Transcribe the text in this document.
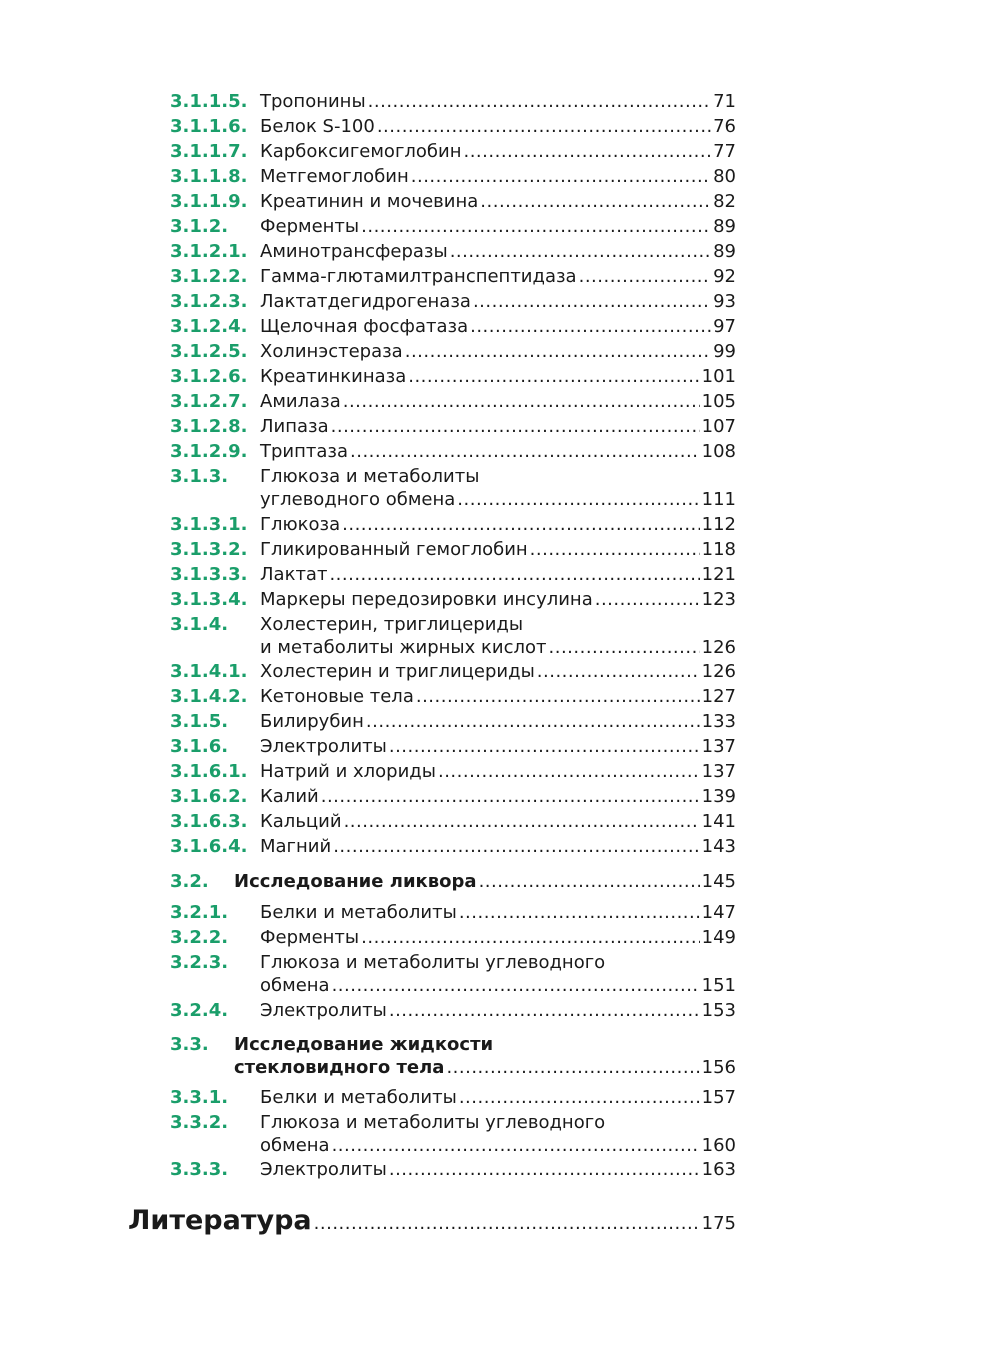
3.1.1.5. Тропонины .....	71
3.1.1.6. Белок S-100 .....	76
3.1.1.7. Карбоксигемоглобин .....	77
3.1.1.8. Метгемоглобин .....	80
3.1.1.9. Креатинин и мочевина .....	82
3.1.2. Ферменты .....	89
3.1.2.1. Аминотрансферазы .....	89
3.1.2.2. Гамма-глютамилтранспептидаза .....	92
3.1.2.3. Лактатдегидрогеназа .....	93
3.1.2.4. Щелочная фосфатаза .....	97
3.1.2.5. Холинэстераза .....	99
3.1.2.6. Креатинкиназа .....	101
3.1.2.7. Амилаза .....	105
3.1.2.8. Липаза .....	107
3.1.2.9. Триптаза .....	108
3.1.3. Глюкоза и метаболиты
углеводного обмена .....	111
3.1.3.1. Глюкоза .....	112
3.1.3.2. Гликированный гемоглобин .....	118
3.1.3.3. Лактат .....	121
3.1.3.4. Маркеры передозировки инсулина .....	123
3.1.4. Холестерин, триглицериды
и метаболиты жирных кислот .....	126
3.1.4.1. Холестерин и триглицериды .....	126
3.1.4.2. Кетоновые тела .....	127
3.1.5. Билирубин .....	133
3.1.6. Электролиты .....	137
3.1.6.1. Натрий и хлориды .....	137
3.1.6.2. Калий .....	139
3.1.6.3. Кальций .....	141
3.1.6.4. Магний .....	143
3.2. Исследование ликвора .....	145
3.2.1. Белки и метаболиты .....	147
3.2.2. Ферменты .....	149
3.2.3. Глюкоза и метаболиты углеводного
обмена .....	151
3.2.4. Электролиты .....	153
3.3. Исследование жидкости
стекловидного тела .....	156
3.3.1. Белки и метаболиты .....	157
3.3.2. Глюкоза и метаболиты углеводного
обмена .....	160
3.3.3. Электролиты .....	163
Литература .....	175
